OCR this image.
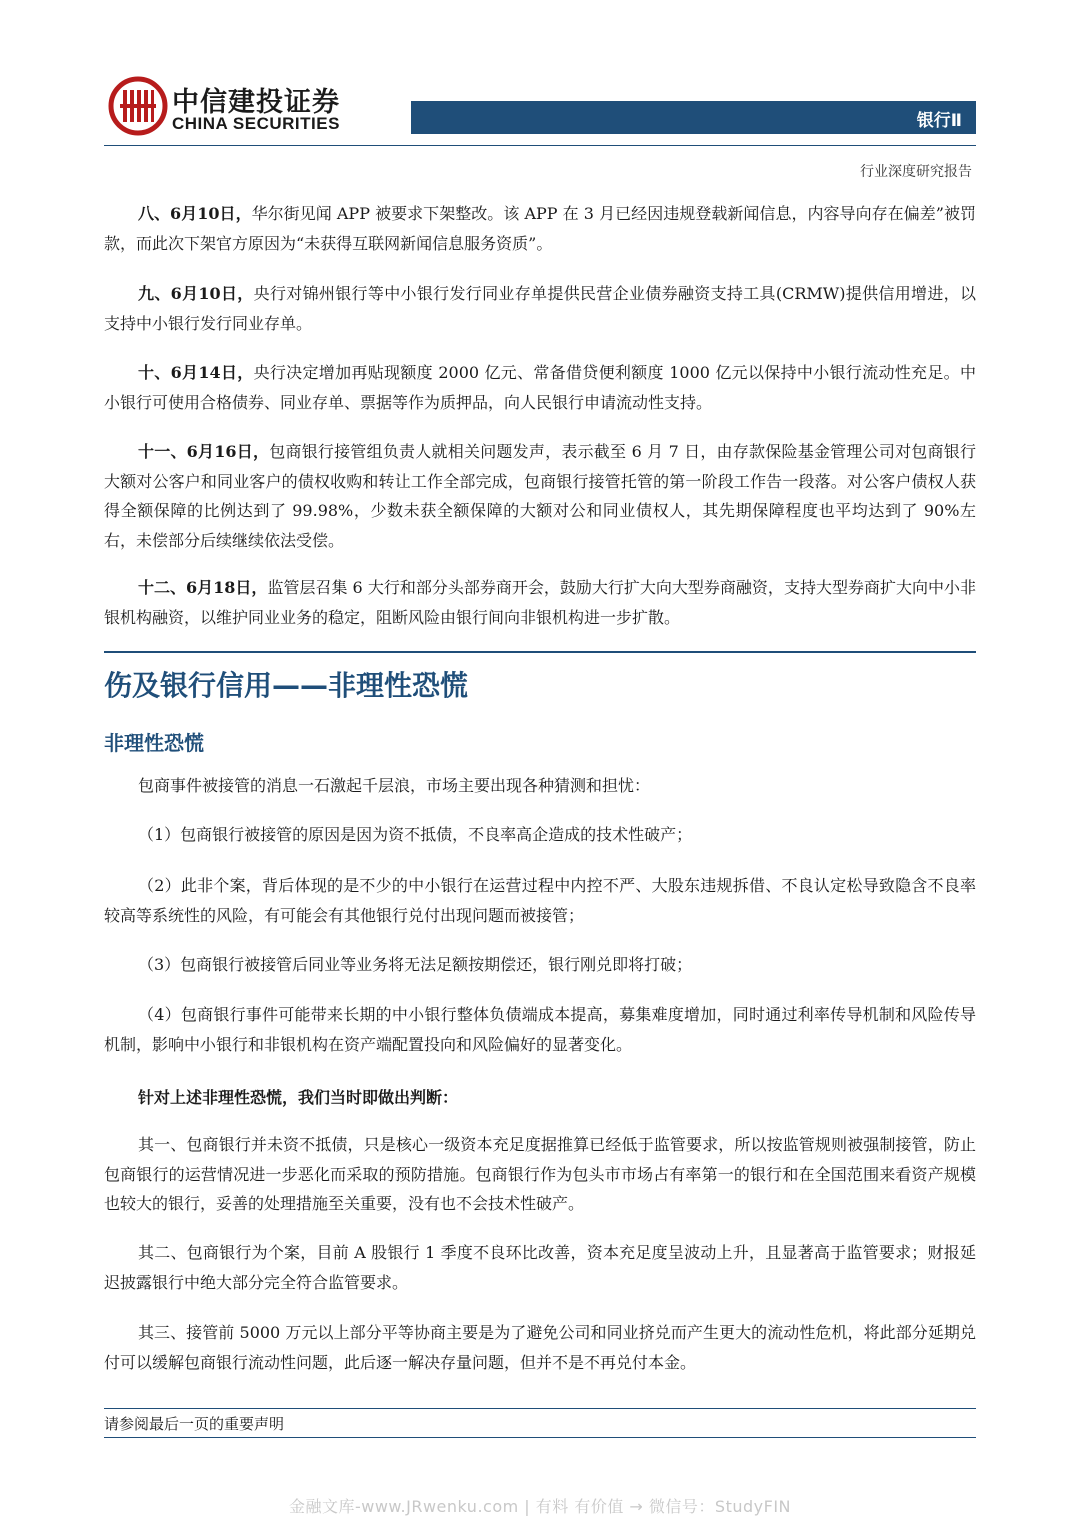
中信建投证券
CHINA SECURITIES	银行Ⅱ
行业深度研究报告
八、6月10日，华尔街见闻 APP 被要求下架整改。该 APP 在 3 月已经因违规登载新闻信息，内容导向存在偏差”被罚款，而此次下架官方原因为“未获得互联网新闻信息服务资质”。
九、6月10日，央行对锦州银行等中小银行发行同业存单提供民营企业债券融资支持工具(CRMW)提供信用增进，以支持中小银行发行同业存单。
十、6月14日，央行决定增加再贴现额度 2000 亿元、常备借贷便利额度 1000 亿元以保持中小银行流动性充足。中小银行可使用合格债券、同业存单、票据等作为质押品，向人民银行申请流动性支持。
十一、6月16日，包商银行接管组负责人就相关问题发声，表示截至 6 月 7 日，由存款保险基金管理公司对包商银行大额对公客户和同业客户的债权收购和转让工作全部完成，包商银行接管托管的第一阶段工作告一段落。对公客户债权人获得全额保障的比例达到了 99.98%，少数未获全额保障的大额对公和同业债权人，其先期保障程度也平均达到了 90%左右，未偿部分后续继续依法受偿。
十二、6月18日，监管层召集 6 大行和部分头部券商开会，鼓励大行扩大向大型券商融资，支持大型券商扩大向中小非银机构融资，以维护同业业务的稳定，阻断风险由银行间向非银机构进一步扩散。
伤及银行信用——非理性恐慌
非理性恐慌
包商事件被接管的消息一石激起千层浪，市场主要出现各种猜测和担忧：
（1）包商银行被接管的原因是因为资不抵债，不良率高企造成的技术性破产；
（2）此非个案，背后体现的是不少的中小银行在运营过程中内控不严、大股东违规拆借、不良认定松导致隐含不良率较高等系统性的风险，有可能会有其他银行兑付出现问题而被接管；
（3）包商银行被接管后同业等业务将无法足额按期偿还，银行刚兑即将打破；
（4）包商银行事件可能带来长期的中小银行整体负债端成本提高，募集难度增加，同时通过利率传导机制和风险传导机制，影响中小银行和非银机构在资产端配置投向和风险偏好的显著变化。
针对上述非理性恐慌，我们当时即做出判断：
其一、包商银行并未资不抵债，只是核心一级资本充足度据推算已经低于监管要求，所以按监管规则被强制接管，防止包商银行的运营情况进一步恶化而采取的预防措施。包商银行作为包头市市场占有率第一的银行和在全国范围来看资产规模也较大的银行，妥善的处理措施至关重要，没有也不会技术性破产。
其二、包商银行为个案，目前 A 股银行 1 季度不良环比改善，资本充足度呈波动上升，且显著高于监管要求；财报延迟披露银行中绝大部分完全符合监管要求。
其三、接管前 5000 万元以上部分平等协商主要是为了避免公司和同业挤兑而产生更大的流动性危机，将此部分延期兑付可以缓解包商银行流动性问题，此后逐一解决存量问题，但并不是不再兑付本金。
请参阅最后一页的重要声明
金融文库-www.JRwenku.com | 有料 有价值 → 微信号：StudyFIN
